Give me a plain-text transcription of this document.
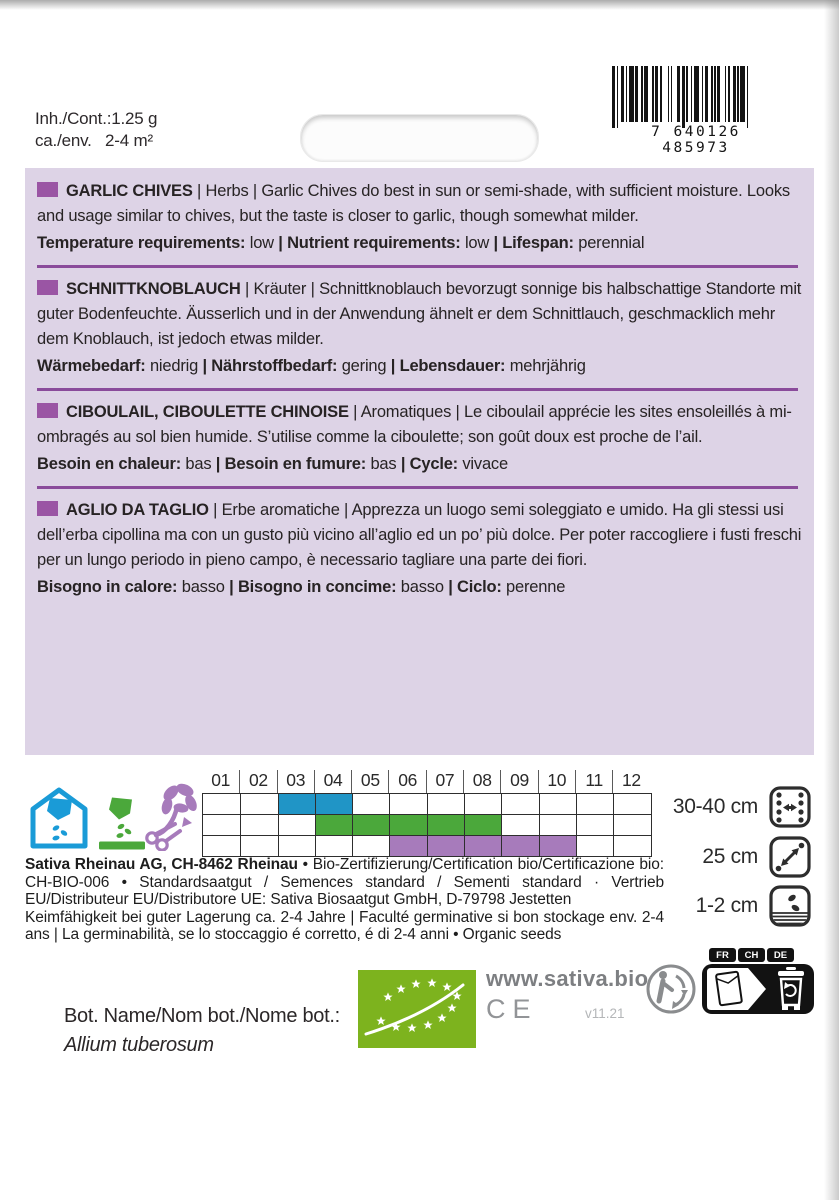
Inh./Cont.:1.25 g
ca./env. 2-4 m²	7 640126 485973

GARLIC CHIVES | Herbs | Garlic Chives do best in sun or semi-shade, with sufficient moisture. Looks and usage similar to chives, but the taste is closer to garlic, though somewhat milder.

Temperature requirements: low | Nutrient requirements: low | Lifespan: perennial

SCHNITTKNOBLAUCH | Kräuter | Schnittknoblauch bevorzugt sonnige bis halbschattige Standorte mit guter Bodenfeuchte. Äusserlich und in der Anwendung ähnelt er dem Schnittlauch, geschmacklich mehr dem Knoblauch, ist jedoch etwas milder.

Wärmebedarf: niedrig | Nährstoffbedarf: gering | Lebensdauer: mehrjährig

CIBOULAIL, CIBOULETTE CHINOISE | Aromatiques | Le ciboulail apprécie les sites ensoleillés à mi-ombragés au sol bien humide. S’utilise comme la ciboulette; son goût doux est proche de l’ail.

Besoin en chaleur: bas | Besoin en fumure: bas | Cycle: vivace

AGLIO DA TAGLIO | Erbe aromatiche | Apprezza un luogo semi soleggiato e umido. Ha gli stessi usi dell’erba cipollina ma con un gusto più vicino all’aglio ed un po’ più dolce. Per poter raccogliere i fusti freschi per un lungo periodo in pieno campo, è necessario tagliare una parte dei fiori.

Bisogno in calore: basso | Bisogno in concime: basso | Ciclo: perenne

01	02	03	04	05	06	07	08	09	10	11	12
30-40 cm
25 cm
1-2 cm

Sativa Rheinau AG, CH-8462 Rheinau • Bio-Zertifizierung/Certification bio/Certificazione bio: CH-BIO-006 • Standardsaatgut / Semences standard / Sementi standard · Vertrieb EU/Distributeur EU/Distributore UE: Sativa Biosaatgut GmbH, D-79798 Jestetten

Keimfähigkeit bei guter Lagerung ca. 2-4 Jahre | Faculté germinative si bon stockage env. 2-4 ans | La germinabilità, se lo stoccaggio é corretto, é di 2-4 anni • Organic seeds

Bot. Name/Nom bot./Nome bot.:
Allium tuberosum
www.sativa.bio
CE	v11.21
FR	CH	DE
